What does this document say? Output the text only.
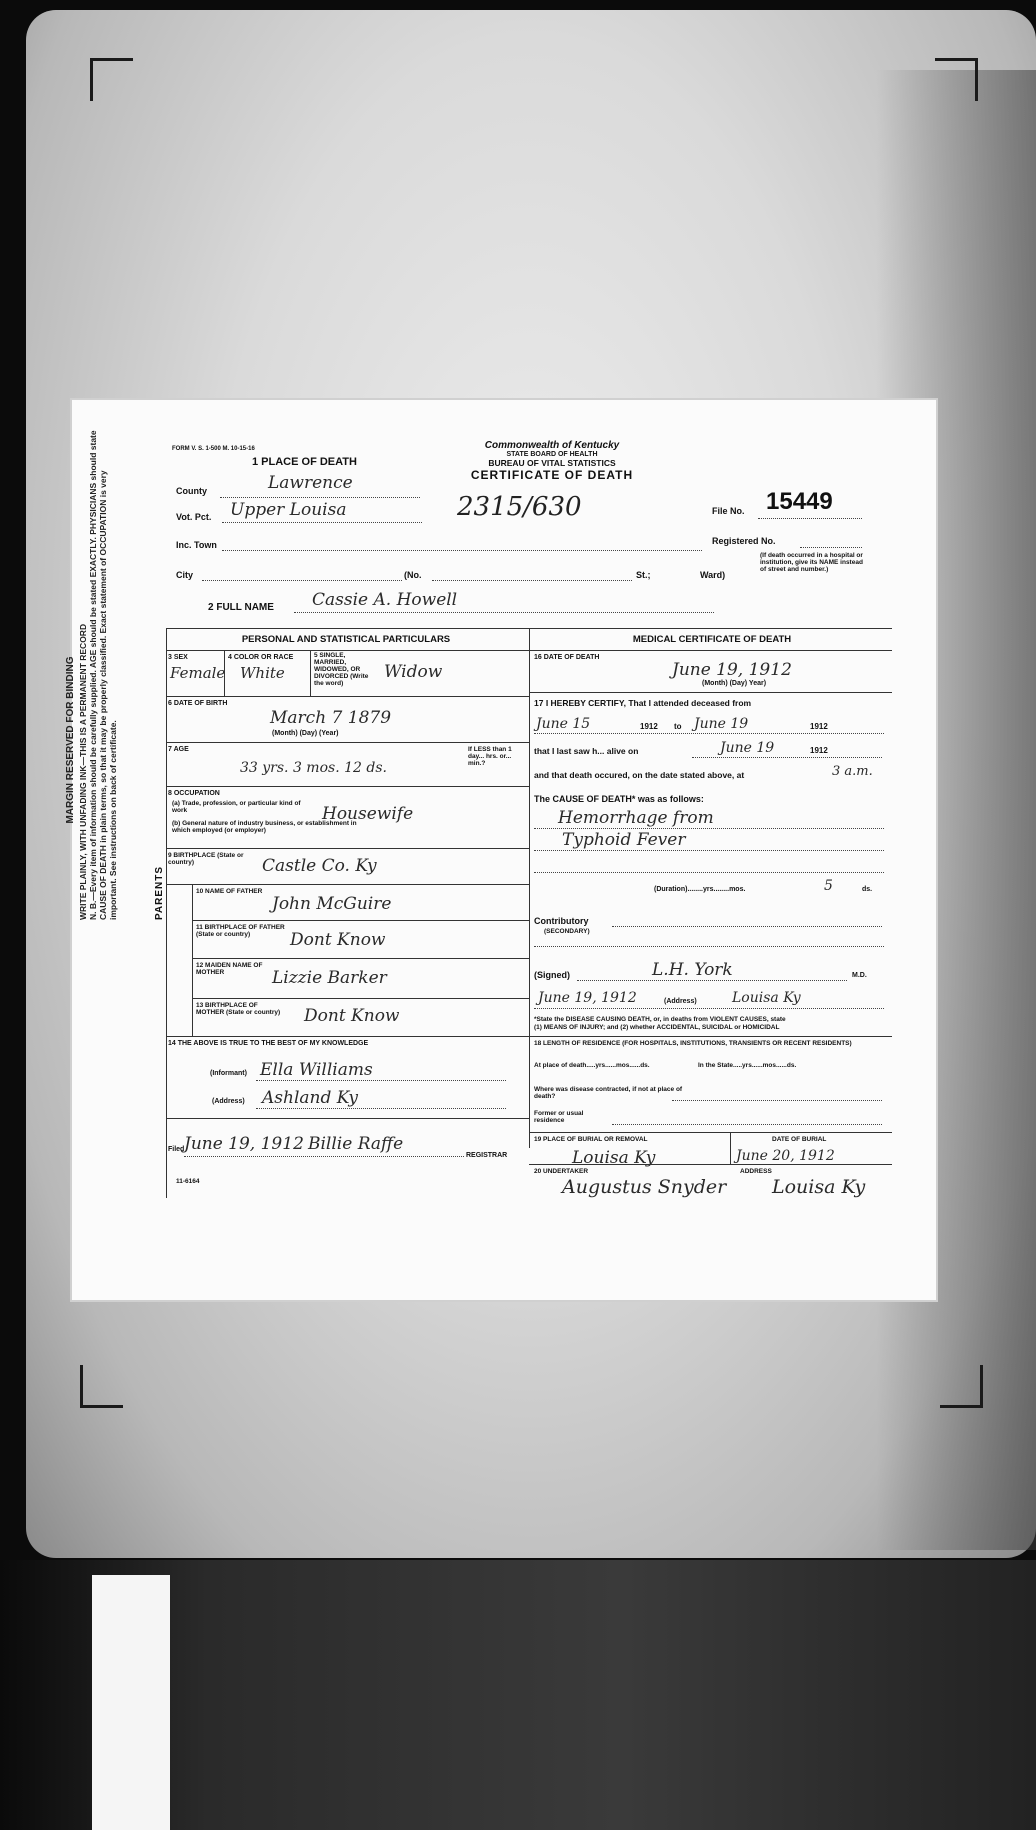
MARGIN RESERVED FOR BINDING WRITE PLAINLY, WITH UNFADING INK—THIS IS A PERMANENT RECORD N. B.—Every item of information should be carefully supplied. AGE should be stated EXACTLY. PHYSICIANS should state CAUSE OF DEATH in plain terms, so that it may be properly classified. Exact statement of OCCUPATION is very important. See instructions on back of certificate.
FORM V. S. 1-500 M. 10-15-16	Commonwealth of Kentucky
STATE BOARD OF HEALTH
BUREAU OF VITAL STATISTICS
CERTIFICATE OF DEATH
2315/630	File No. 15449
Registered No.
(If death occurred in a hospital or institution, give its NAME instead of street and number.)
1 PLACE OF DEATH
County	Lawrence
Vot. Pct. Upper Louisa
Inc. Town
City	(No.	St.;	Ward)
2 FULL NAME Cassie A. Howell
PERSONAL AND STATISTICAL PARTICULARS	MEDICAL CERTIFICATE OF DEATH
3 SEX
Female
4 COLOR OR RACE
White
5 SINGLE, MARRIED, WIDOWED, OR DIVORCED (Write the word)
Widow
6 DATE OF BIRTH
March 7 1879
(Month) (Day) (Year)
7 AGE
33 yrs. 3 mos. 12 ds.
If LESS than 1 day... hrs. or... min.?
8 OCCUPATION
(a) Trade, profession, or particular kind of work	Housewife
(b) General nature of industry business, or establishment in which employed (or employer)
9 BIRTHPLACE (State or country)	Castle Co. Ky
PARENTS	10 NAME OF FATHER
John McGuire
11 BIRTHPLACE OF FATHER (State or country)	Dont Know
12 MAIDEN NAME OF MOTHER	Lizzie Barker
13 BIRTHPLACE OF MOTHER (State or country)	Dont Know
14 THE ABOVE IS TRUE TO THE BEST OF MY KNOWLEDGE
(Informant) Ella Williams
(Address) Ashland Ky
Filed June 19, 1912 Billie Raffe
REGISTRAR
11-6164
16 DATE OF DEATH
June 19, 1912
(Month) (Day) Year)
17 I HEREBY CERTIFY, That I attended deceased from
June 15	1912 to June 19	1912
that I last saw h... alive on	June 19	1912
and that death occured, on the date stated above, at	3 a.m.
The CAUSE OF DEATH* was as follows:
Hemorrhage from
Typhoid Fever
(Duration)........yrs........mos.	5	ds.
Contributory
(SECONDARY)
(Signed)	L.H. York	M.D.
June 19, 1912	(Address)	Louisa Ky
*State the DISEASE CAUSING DEATH, or, in deaths from VIOLENT CAUSES, state
(1) MEANS OF INJURY; and (2) whether ACCIDENTAL, SUICIDAL or HOMICIDAL
18 LENGTH OF RESIDENCE (FOR HOSPITALS, INSTITUTIONS, TRANSIENTS OR RECENT RESIDENTS)
At place of death.....yrs......mos......ds.	In the State.....yrs......mos......ds.
Where was disease contracted, if not at place of death?
Former or usual residence
19 PLACE OF BURIAL OR REMOVAL
Louisa Ky
DATE OF BURIAL
June 20, 1912
20 UNDERTAKER
Augustus Snyder
ADDRESS
Louisa Ky
